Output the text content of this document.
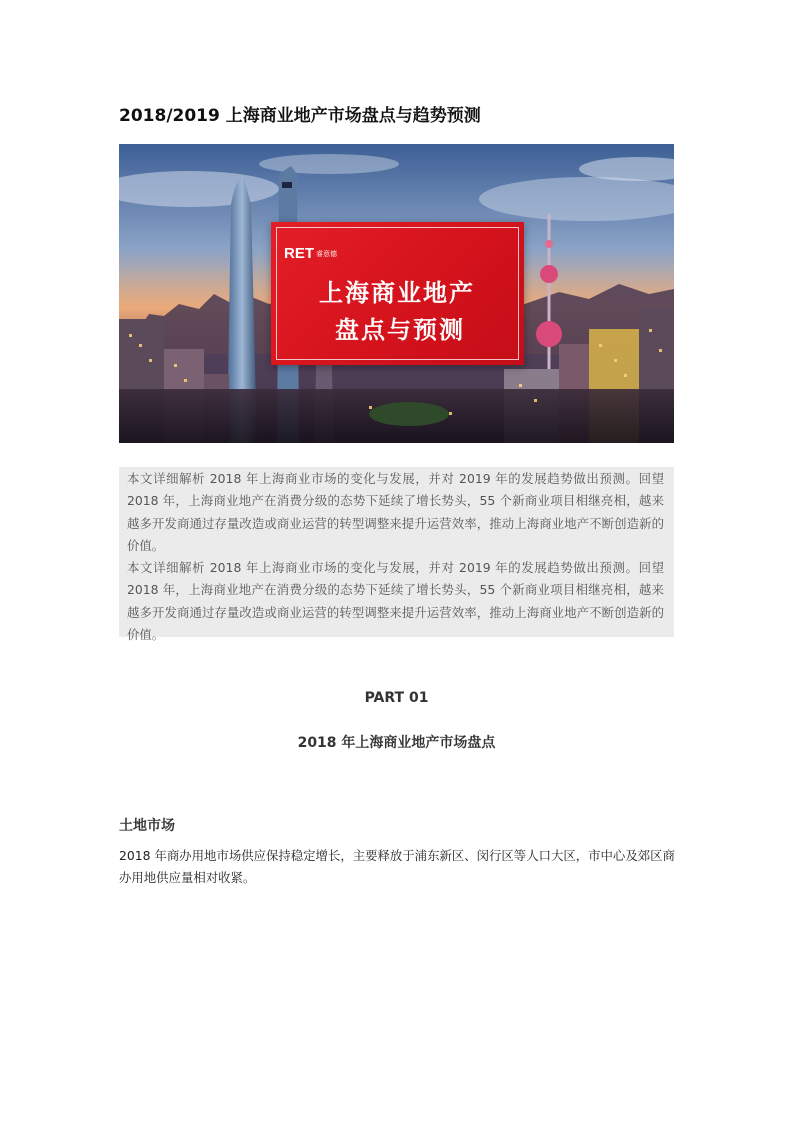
2018/2019 上海商业地产市场盘点与趋势预测
RET 睿意德
上海商业地产
盘点与预测

本文详细解析 2018 年上海商业市场的变化与发展，并对 2019 年的发展趋势做出预测。回望 2018 年，上海商业地产在消费分级的态势下延续了增长势头，55 个新商业项目相继亮相，越来越多开发商通过存量改造或商业运营的转型调整来提升运营效率，推动上海商业地产不断创造新的价值。

本文详细解析 2018 年上海商业市场的变化与发展，并对 2019 年的发展趋势做出预测。回望 2018 年，上海商业地产在消费分级的态势下延续了增长势头，55 个新商业项目相继亮相，越来越多开发商通过存量改造或商业运营的转型调整来提升运营效率，推动上海商业地产不断创造新的价值。

PART 01
2018 年上海商业地产市场盘点
土地市场
2018 年商办用地市场供应保持稳定增长，主要释放于浦东新区、闵行区等人口大区，市中心及郊区商办用地供应量相对收紧。
